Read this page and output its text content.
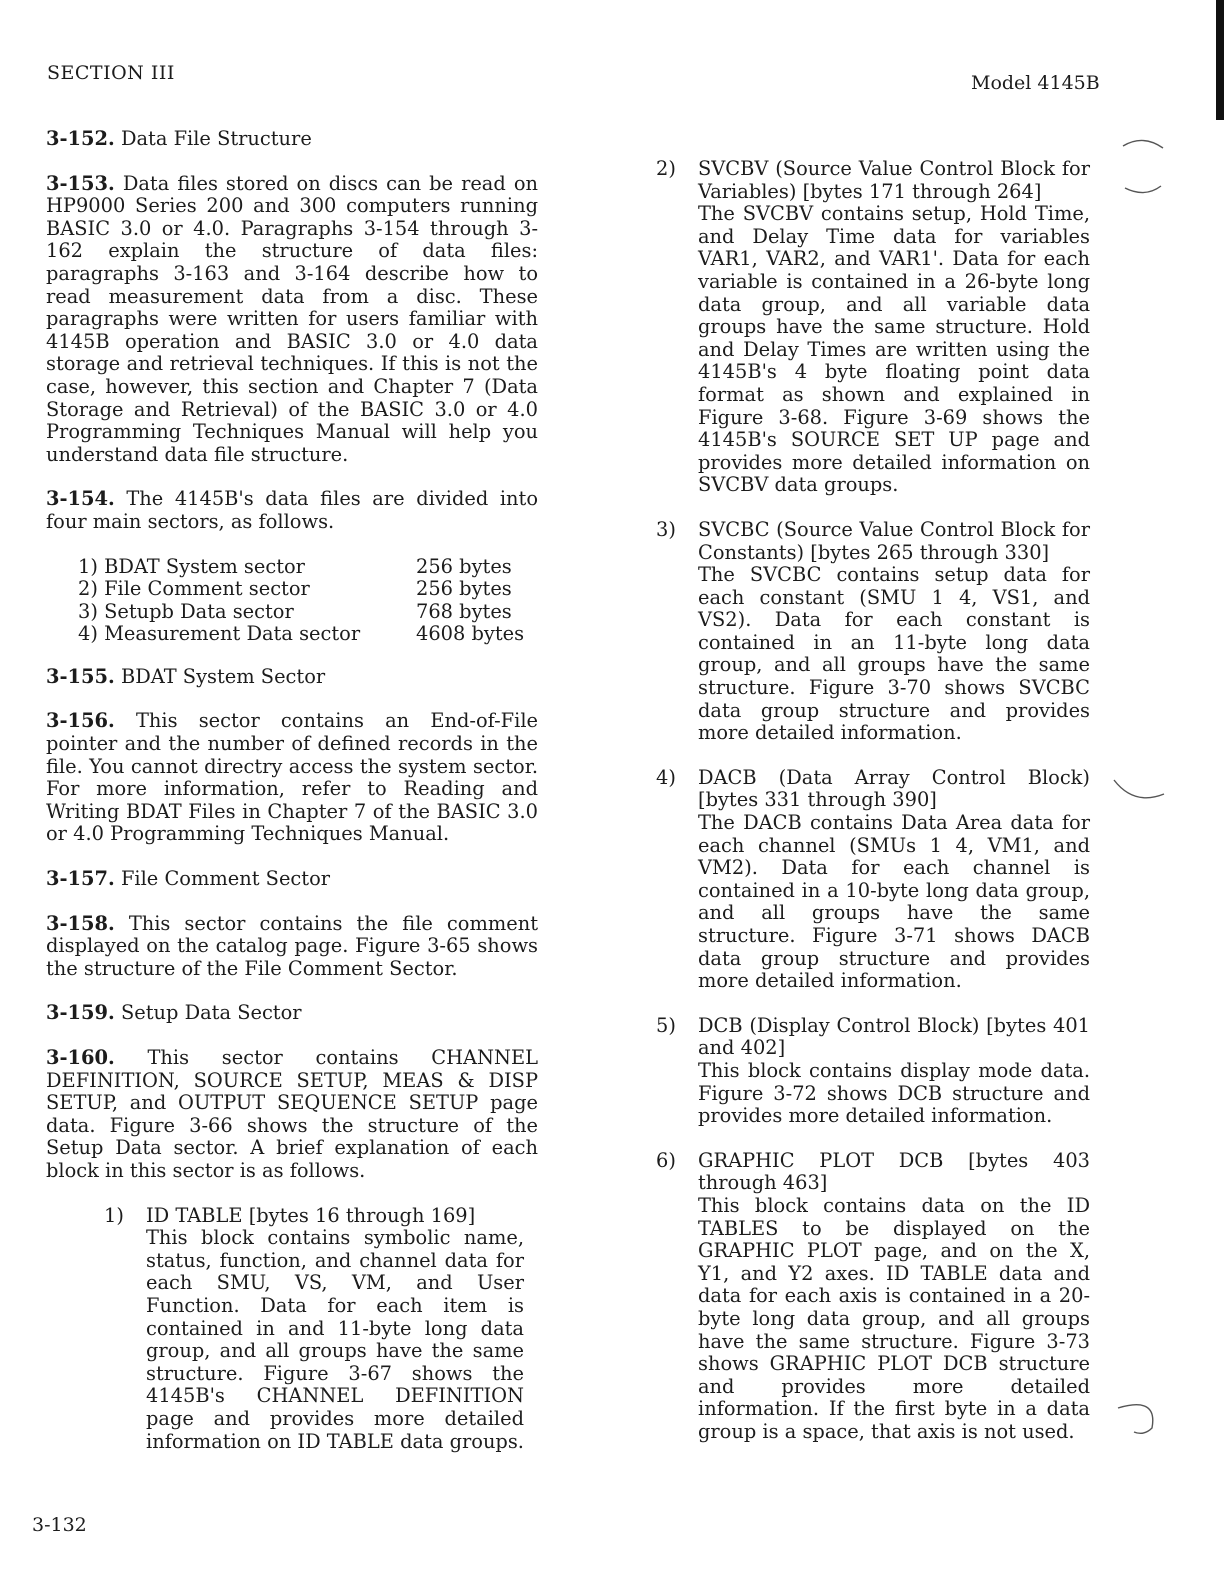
SECTION III	Model 4145B
3-152. Data File Structure
3-153. Data files stored on discs can be read on HP9000 Series 200 and 300 computers running BASIC 3.0 or 4.0. Paragraphs 3-154 through 3-162 explain the structure of data files: paragraphs 3-163 and 3-164 describe how to read measurement data from a disc. These paragraphs were written for users familiar with 4145B operation and BASIC 3.0 or 4.0 data storage and retrieval techniques. If this is not the case, however, this section and Chapter 7 (Data Storage and Retrieval) of the BASIC 3.0 or 4.0 Programming Techniques Manual will help you understand data file structure.
3-154. The 4145B's data files are divided into four main sectors, as follows.
1) BDAT System sector	256 bytes
2) File Comment sector	256 bytes
3) Setupb Data sector	768 bytes
4) Measurement Data sector	4608 bytes
3-155. BDAT System Sector
3-156. This sector contains an End-of-File pointer and the number of defined records in the file. You cannot directry access the system sector. For more information, refer to Reading and Writing BDAT Files in Chapter 7 of the BASIC 3.0 or 4.0 Programming Techniques Manual.
3-157. File Comment Sector
3-158. This sector contains the file comment displayed on the catalog page. Figure 3-65 shows the structure of the File Comment Sector.
3-159. Setup Data Sector
3-160. This sector contains CHANNEL DEFINITION, SOURCE SETUP, MEAS & DISP SETUP, and OUTPUT SEQUENCE SETUP page data. Figure 3-66 shows the structure of the Setup Data sector. A brief explanation of each block in this sector is as follows.
1)	ID TABLE [bytes 16 through 169]
This block contains symbolic name, status, function, and channel data for each SMU, VS, VM, and User Function. Data for each item is contained in and 11-byte long data group, and all groups have the same structure. Figure 3-67 shows the 4145B's CHANNEL DEFINITION page and provides more detailed information on ID TABLE data groups.
2)	SVCBV (Source Value Control Block for Variables) [bytes 171 through 264]
The SVCBV contains setup, Hold Time, and Delay Time data for variables VAR1, VAR2, and VAR1'. Data for each variable is contained in a 26-byte long data group, and all variable data groups have the same structure. Hold and Delay Times are written using the 4145B's 4 byte floating point data format as shown and explained in Figure 3-68. Figure 3-69 shows the 4145B's SOURCE SET UP page and provides more detailed information on SVCBV data groups.
3)	SVCBC (Source Value Control Block for Constants) [bytes 265 through 330]
The SVCBC contains setup data for each constant (SMU 1 4, VS1, and VS2). Data for each constant is contained in an 11-byte long data group, and all groups have the same structure. Figure 3-70 shows SVCBC data group structure and provides more detailed information.
4)	DACB (Data Array Control Block) [bytes 331 through 390]
The DACB contains Data Area data for each channel (SMUs 1 4, VM1, and VM2). Data for each channel is contained in a 10-byte long data group, and all groups have the same structure. Figure 3-71 shows DACB data group structure and provides more detailed information.
5)	DCB (Display Control Block) [bytes 401 and 402]
This block contains display mode data. Figure 3-72 shows DCB structure and provides more detailed information.
6)	GRAPHIC PLOT DCB [bytes 403 through 463]
This block contains data on the ID TABLES to be displayed on the GRAPHIC PLOT page, and on the X, Y1, and Y2 axes. ID TABLE data and data for each axis is contained in a 20-byte long data group, and all groups have the same structure. Figure 3-73 shows GRAPHIC PLOT DCB structure and provides more detailed information. If the first byte in a data group is a space, that axis is not used.
3-132
